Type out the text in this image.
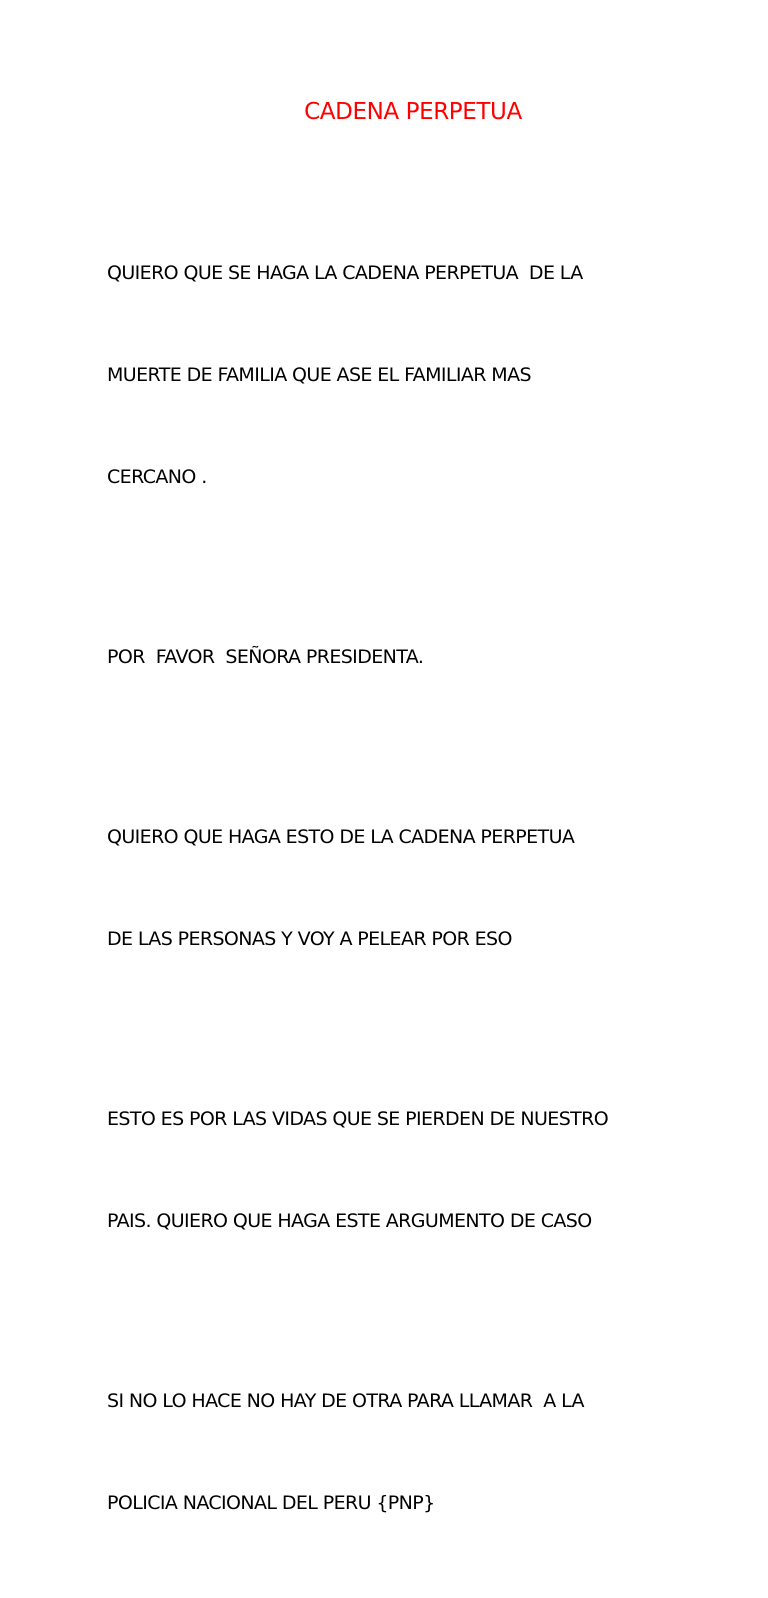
CADENA PERPETUA

QUIERO QUE SE HAGA LA CADENA PERPETUA  DE LA

MUERTE DE FAMILIA QUE ASE EL FAMILIAR MAS

CERCANO .

POR  FAVOR  SEÑORA PRESIDENTA.

QUIERO QUE HAGA ESTO DE LA CADENA PERPETUA

DE LAS PERSONAS Y VOY A PELEAR POR ESO

ESTO ES POR LAS VIDAS QUE SE PIERDEN DE NUESTRO

PAIS. QUIERO QUE HAGA ESTE ARGUMENTO DE CASO

SI NO LO HACE NO HAY DE OTRA PARA LLAMAR  A LA

POLICIA NACIONAL DEL PERU {PNP}
